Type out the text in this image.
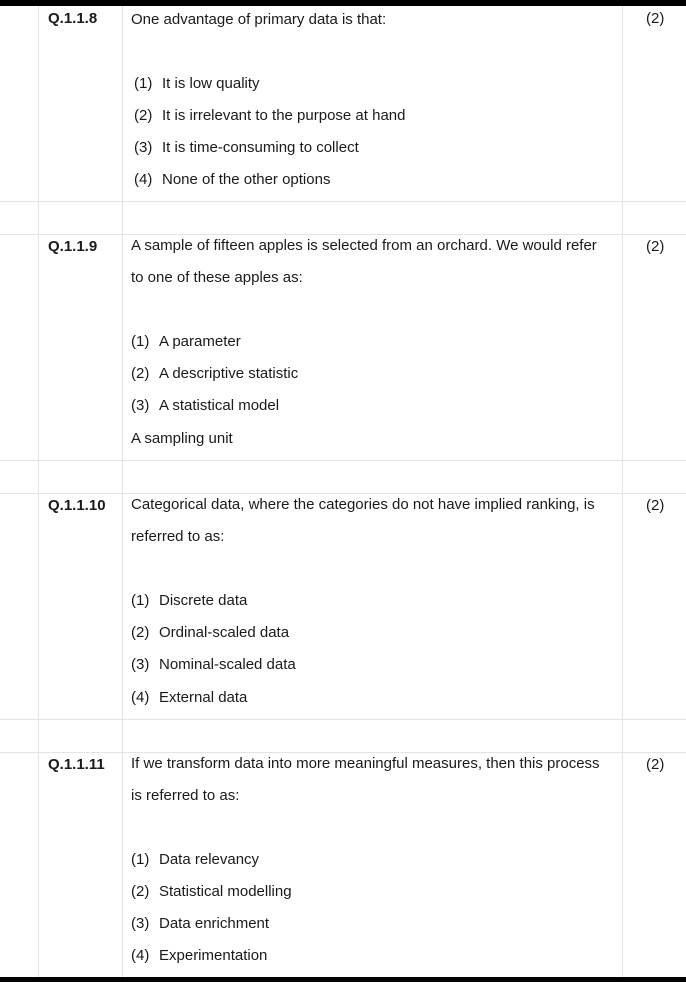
Q.1.1.8	(2)
One advantage of primary data is that:
(1) It is low quality
(2) It is irrelevant to the purpose at hand
(3) It is time-consuming to collect
(4) None of the other options
Q.1.1.9	(2)
A sample of fifteen apples is selected from an orchard. We would refer to one of these apples as:
(1) A parameter
(2) A descriptive statistic
(3) A statistical model
A sampling unit
Q.1.1.10	(2)
Categorical data, where the categories do not have implied ranking, is referred to as:
(1) Discrete data
(2) Ordinal-scaled data
(3) Nominal-scaled data
(4) External data
Q.1.1.11	(2)
If we transform data into more meaningful measures, then this process is referred to as:
(1) Data relevancy
(2) Statistical modelling
(3) Data enrichment
(4) Experimentation
